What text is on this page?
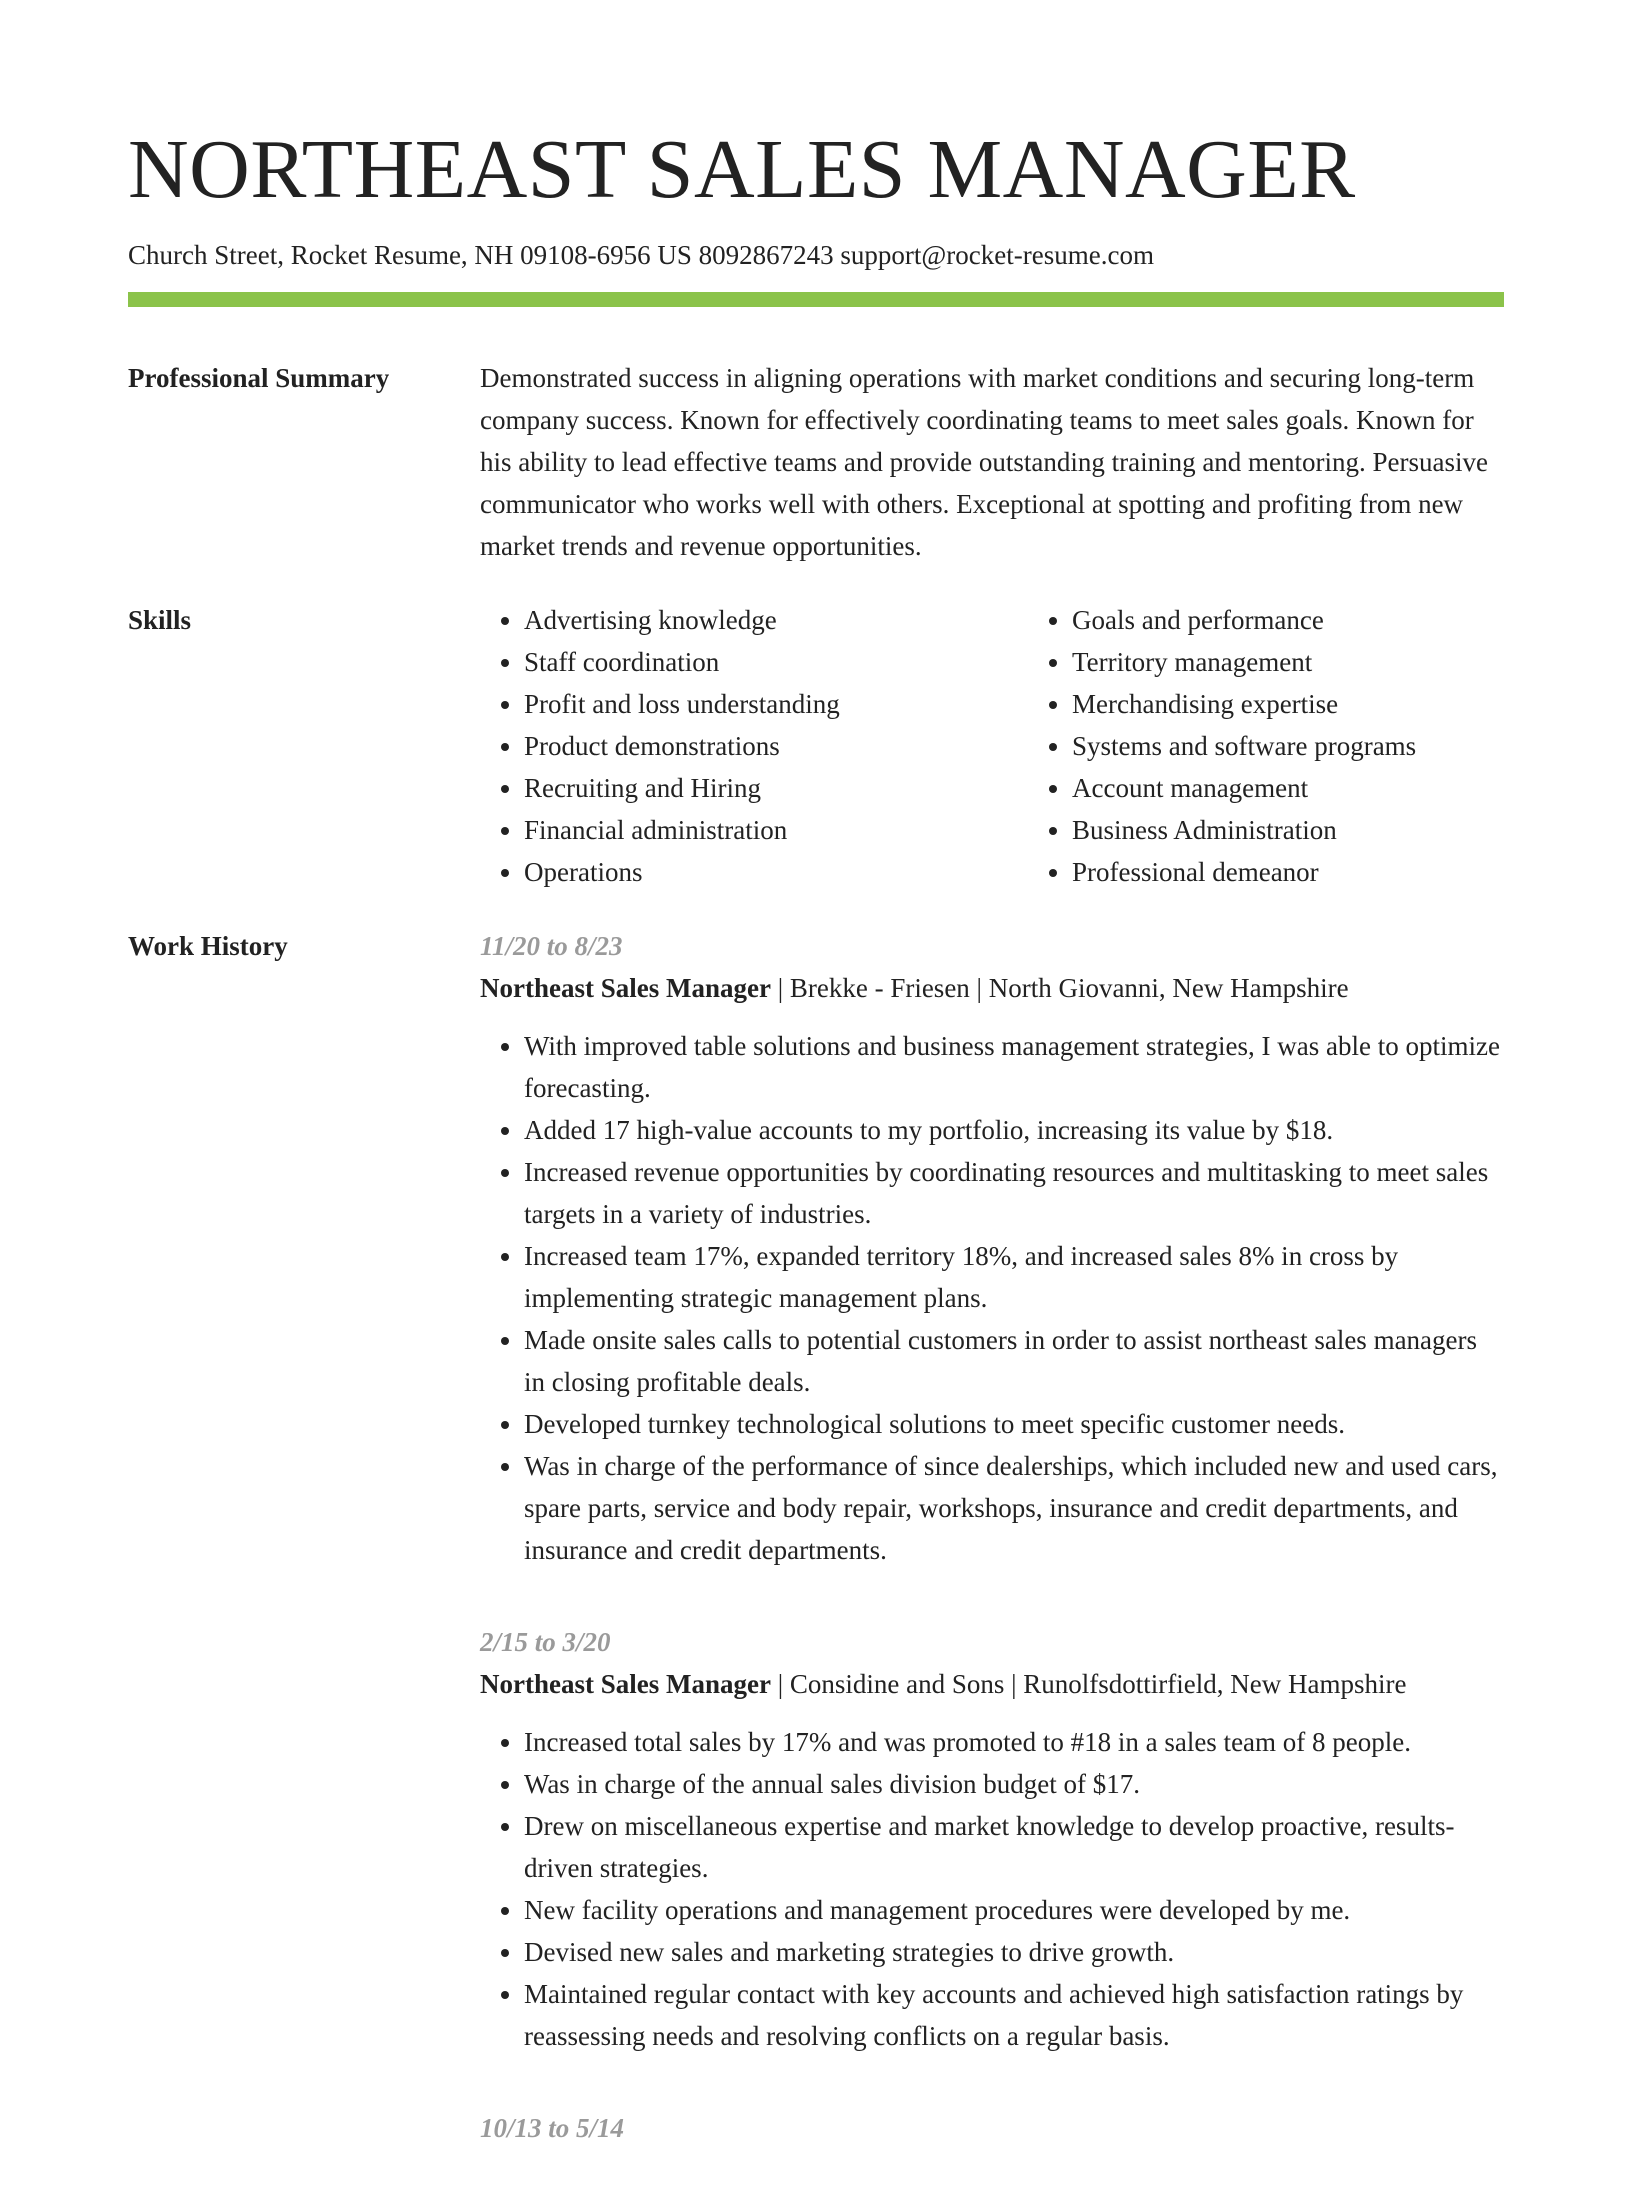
NORTHEAST SALES MANAGER
Church Street, Rocket Resume, NH 09108-6956 US 8092867243 support@rocket-resume.com
Professional Summary	Demonstrated success in aligning operations with market conditions and securing long-term company success. Known for effectively coordinating teams to meet sales goals. Known for his ability to lead effective teams and provide outstanding training and mentoring. Persuasive communicator who works well with others. Exceptional at spotting and profiting from new market trends and revenue opportunities.
Skills
•	Advertising knowledge
• Staff coordination
• Profit and loss understanding
• Product demonstrations
• Recruiting and Hiring
• Financial administration
• Operations
• Goals and performance
• Territory management
• Merchandising expertise
• Systems and software programs
• Account management
• Business Administration
• Professional demeanor
Work History	11/20 to 8/23
Northeast Sales Manager | Brekke - Friesen | North Giovanni, New Hampshire
• With improved table solutions and business management strategies, I was able to optimize forecasting.
• Added 17 high-value accounts to my portfolio, increasing its value by $18.
• Increased revenue opportunities by coordinating resources and multitasking to meet sales targets in a variety of industries.
• Increased team 17%, expanded territory 18%, and increased sales 8% in cross by implementing strategic management plans.
• Made onsite sales calls to potential customers in order to assist northeast sales managers in closing profitable deals.
• Developed turnkey technological solutions to meet specific customer needs.
• Was in charge of the performance of since dealerships, which included new and used cars, spare parts, service and body repair, workshops, insurance and credit departments, and insurance and credit departments.
2/15 to 3/20
Northeast Sales Manager | Considine and Sons | Runolfsdottirfield, New Hampshire
• Increased total sales by 17% and was promoted to #18 in a sales team of 8 people.
• Was in charge of the annual sales division budget of $17.
• Drew on miscellaneous expertise and market knowledge to develop proactive, results-driven strategies.
• New facility operations and management procedures were developed by me.
• Devised new sales and marketing strategies to drive growth.
• Maintained regular contact with key accounts and achieved high satisfaction ratings by reassessing needs and resolving conflicts on a regular basis.
10/13 to 5/14
